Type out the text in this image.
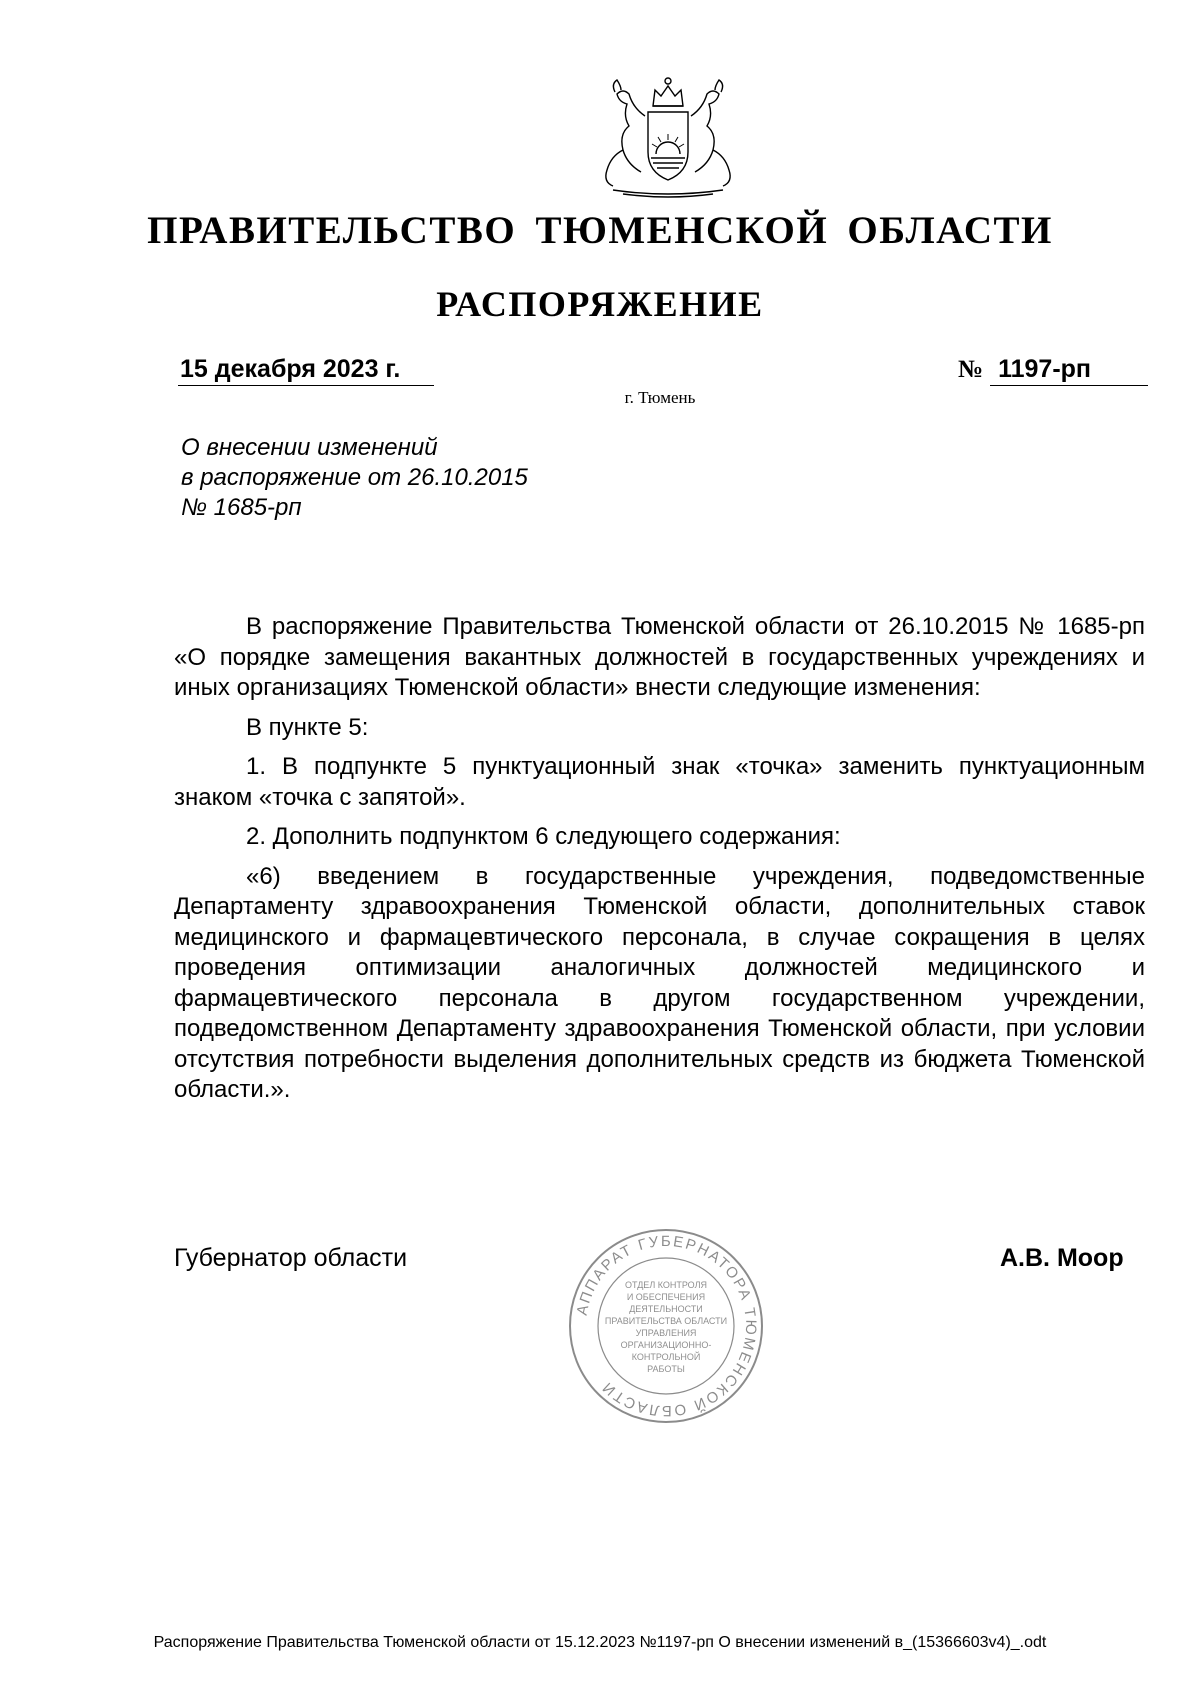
ПРАВИТЕЛЬСТВО ТЮМЕНСКОЙ ОБЛАСТИ
РАСПОРЯЖЕНИЕ
15 декабря 2023 г.	№ 1197-рп
г. Тюмень
О внесении изменений
в распоряжение от 26.10.2015
№ 1685-рп

В распоряжение Правительства Тюменской области от 26.10.2015 № 1685-рп «О порядке замещения вакантных должностей в государственных учреждениях и иных организациях Тюменской области» внести следующие изменения:

В пункте 5:

1. В подпункте 5 пунктуационный знак «точка» заменить пунктуационным знаком «точка с запятой».

2. Дополнить подпунктом 6 следующего содержания:

«6) введением в государственные учреждения, подведомственные Департаменту здравоохранения Тюменской области, дополнительных ставок медицинского и фармацевтического персонала, в случае сокращения в целях проведения оптимизации аналогичных должностей медицинского и фармацевтического персонала в другом государственном учреждении, подведомственном Департаменту здравоохранения Тюменской области, при условии отсутствия потребности выделения дополнительных средств из бюджета Тюменской области.».

Губернатор области	А.В. Моор
АППАРАТ ГУБЕРНАТОРА ТЮМЕНСКОЙ ОБЛАСТИ
ОТДЕЛ КОНТРОЛЯ
И ОБЕСПЕЧЕНИЯ
ДЕЯТЕЛЬНОСТИ
ПРАВИТЕЛЬСТВА ОБЛАСТИ
УПРАВЛЕНИЯ
ОРГАНИЗАЦИОННО-
КОНТРОЛЬНОЙ
РАБОТЫ
Распоряжение Правительства Тюменской области от 15.12.2023 №1197-рп О внесении изменений в_(15366603v4)_.odt
